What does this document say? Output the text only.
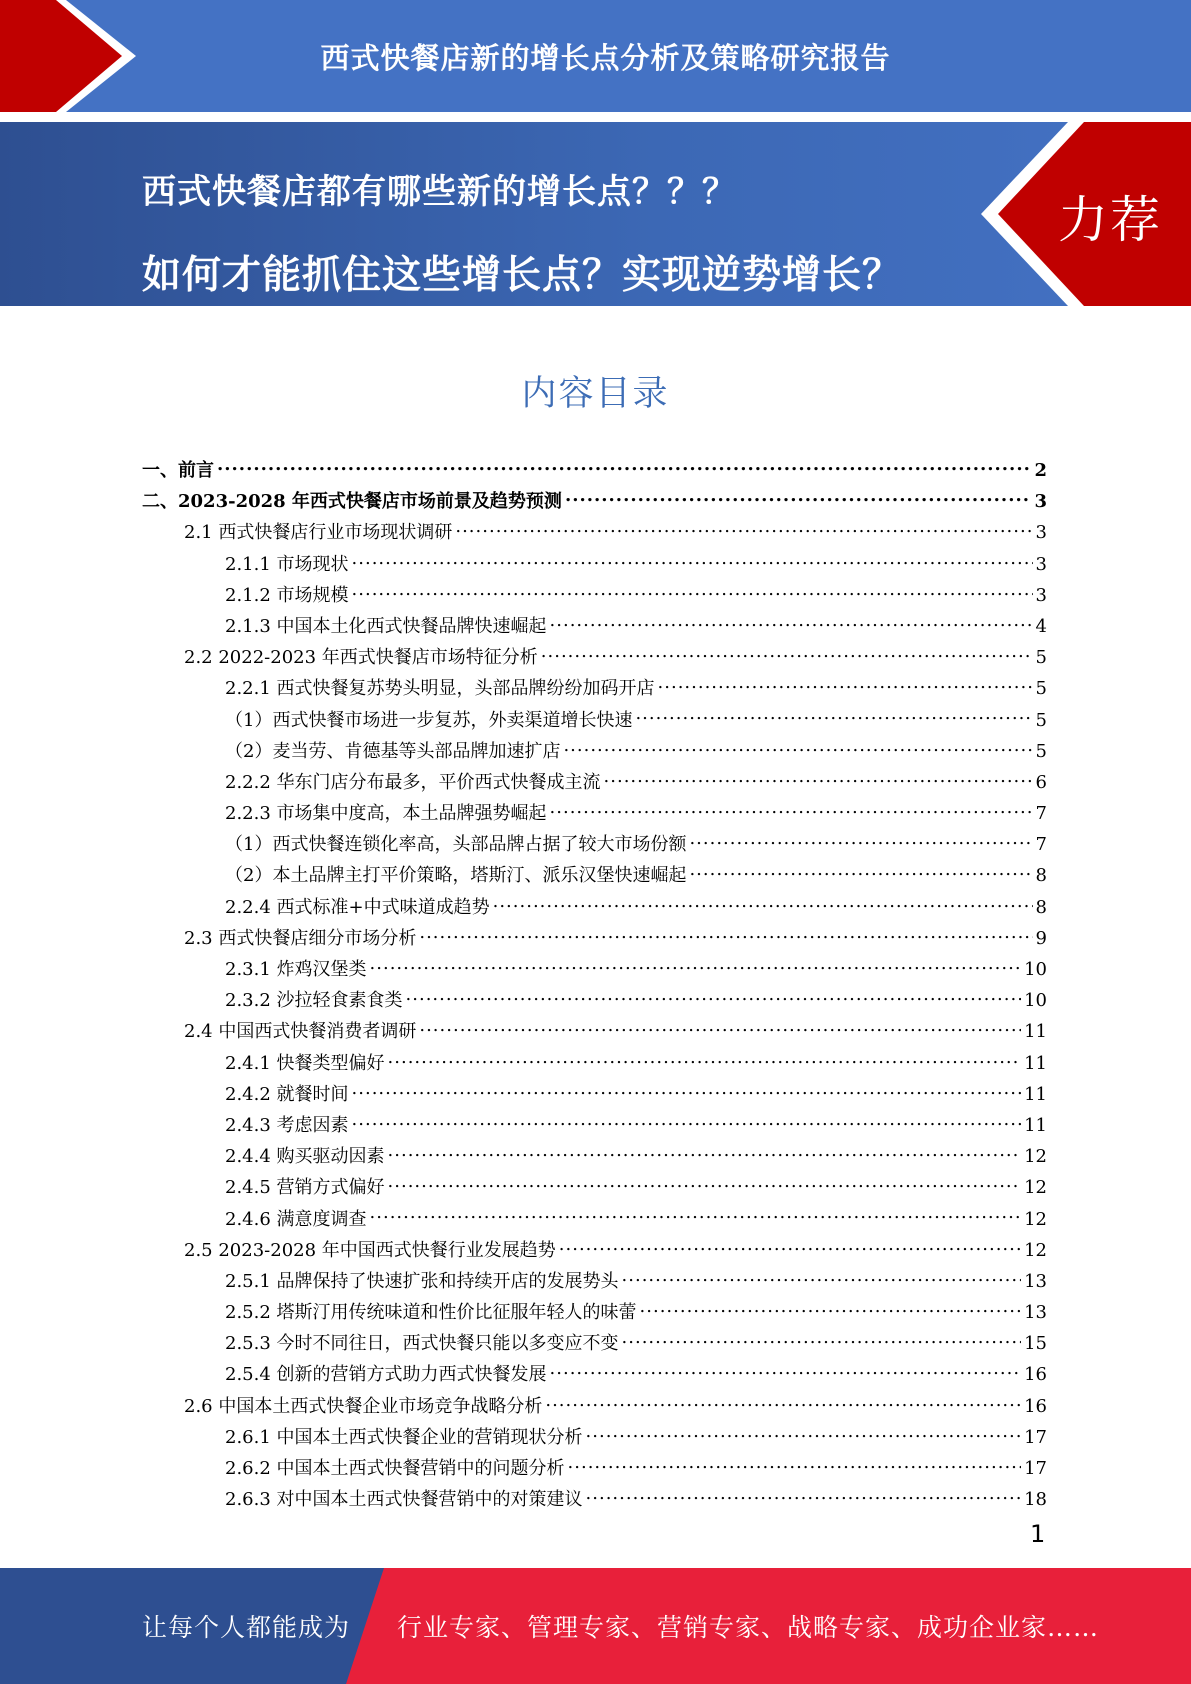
西式快餐店新的增长点分析及策略研究报告
西式快餐店都有哪些新的增长点？？？
如何才能抓住这些增长点？实现逆势增长？
力荐
内容目录
一、前言 .....	2
二、2023-2028 年西式快餐店市场前景及趋势预测 .....	3
2.1 西式快餐店行业市场现状调研 .....	3
2.1.1 市场现状 .....	3
2.1.2 市场规模 .....	3
2.1.3 中国本土化西式快餐品牌快速崛起 .....	4
2.2 2022-2023 年西式快餐店市场特征分析 .....	5
2.2.1 西式快餐复苏势头明显，头部品牌纷纷加码开店 .....	5
（1）西式快餐市场进一步复苏，外卖渠道增长快速 .....	5
（2）麦当劳、肯德基等头部品牌加速扩店 .....	5
2.2.2 华东门店分布最多，平价西式快餐成主流 .....	6
2.2.3 市场集中度高，本土品牌强势崛起 .....	7
（1）西式快餐连锁化率高，头部品牌占据了较大市场份额 .....	7
（2）本土品牌主打平价策略，塔斯汀、派乐汉堡快速崛起 .....	8
2.2.4 西式标准+中式味道成趋势 .....	8
2.3 西式快餐店细分市场分析 .....	9
2.3.1 炸鸡汉堡类 .....	10
2.3.2 沙拉轻食素食类 .....	10
2.4 中国西式快餐消费者调研 .....	11
2.4.1 快餐类型偏好 .....	11
2.4.2 就餐时间 .....	11
2.4.3 考虑因素 .....	11
2.4.4 购买驱动因素 .....	12
2.4.5 营销方式偏好 .....	12
2.4.6 满意度调查 .....	12
2.5 2023-2028 年中国西式快餐行业发展趋势 .....	12
2.5.1 品牌保持了快速扩张和持续开店的发展势头 .....	13
2.5.2 塔斯汀用传统味道和性价比征服年轻人的味蕾 .....	13
2.5.3 今时不同往日，西式快餐只能以多变应不变 .....	15
2.5.4 创新的营销方式助力西式快餐发展 .....	16
2.6 中国本土西式快餐企业市场竞争战略分析 .....	16
2.6.1 中国本土西式快餐企业的营销现状分析 .....	17
2.6.2 中国本土西式快餐营销中的问题分析 .....	17
2.6.3 对中国本土西式快餐营销中的对策建议 .....	18
1
让每个人都能成为 行业专家、管理专家、营销专家、战略专家、成功企业家……
